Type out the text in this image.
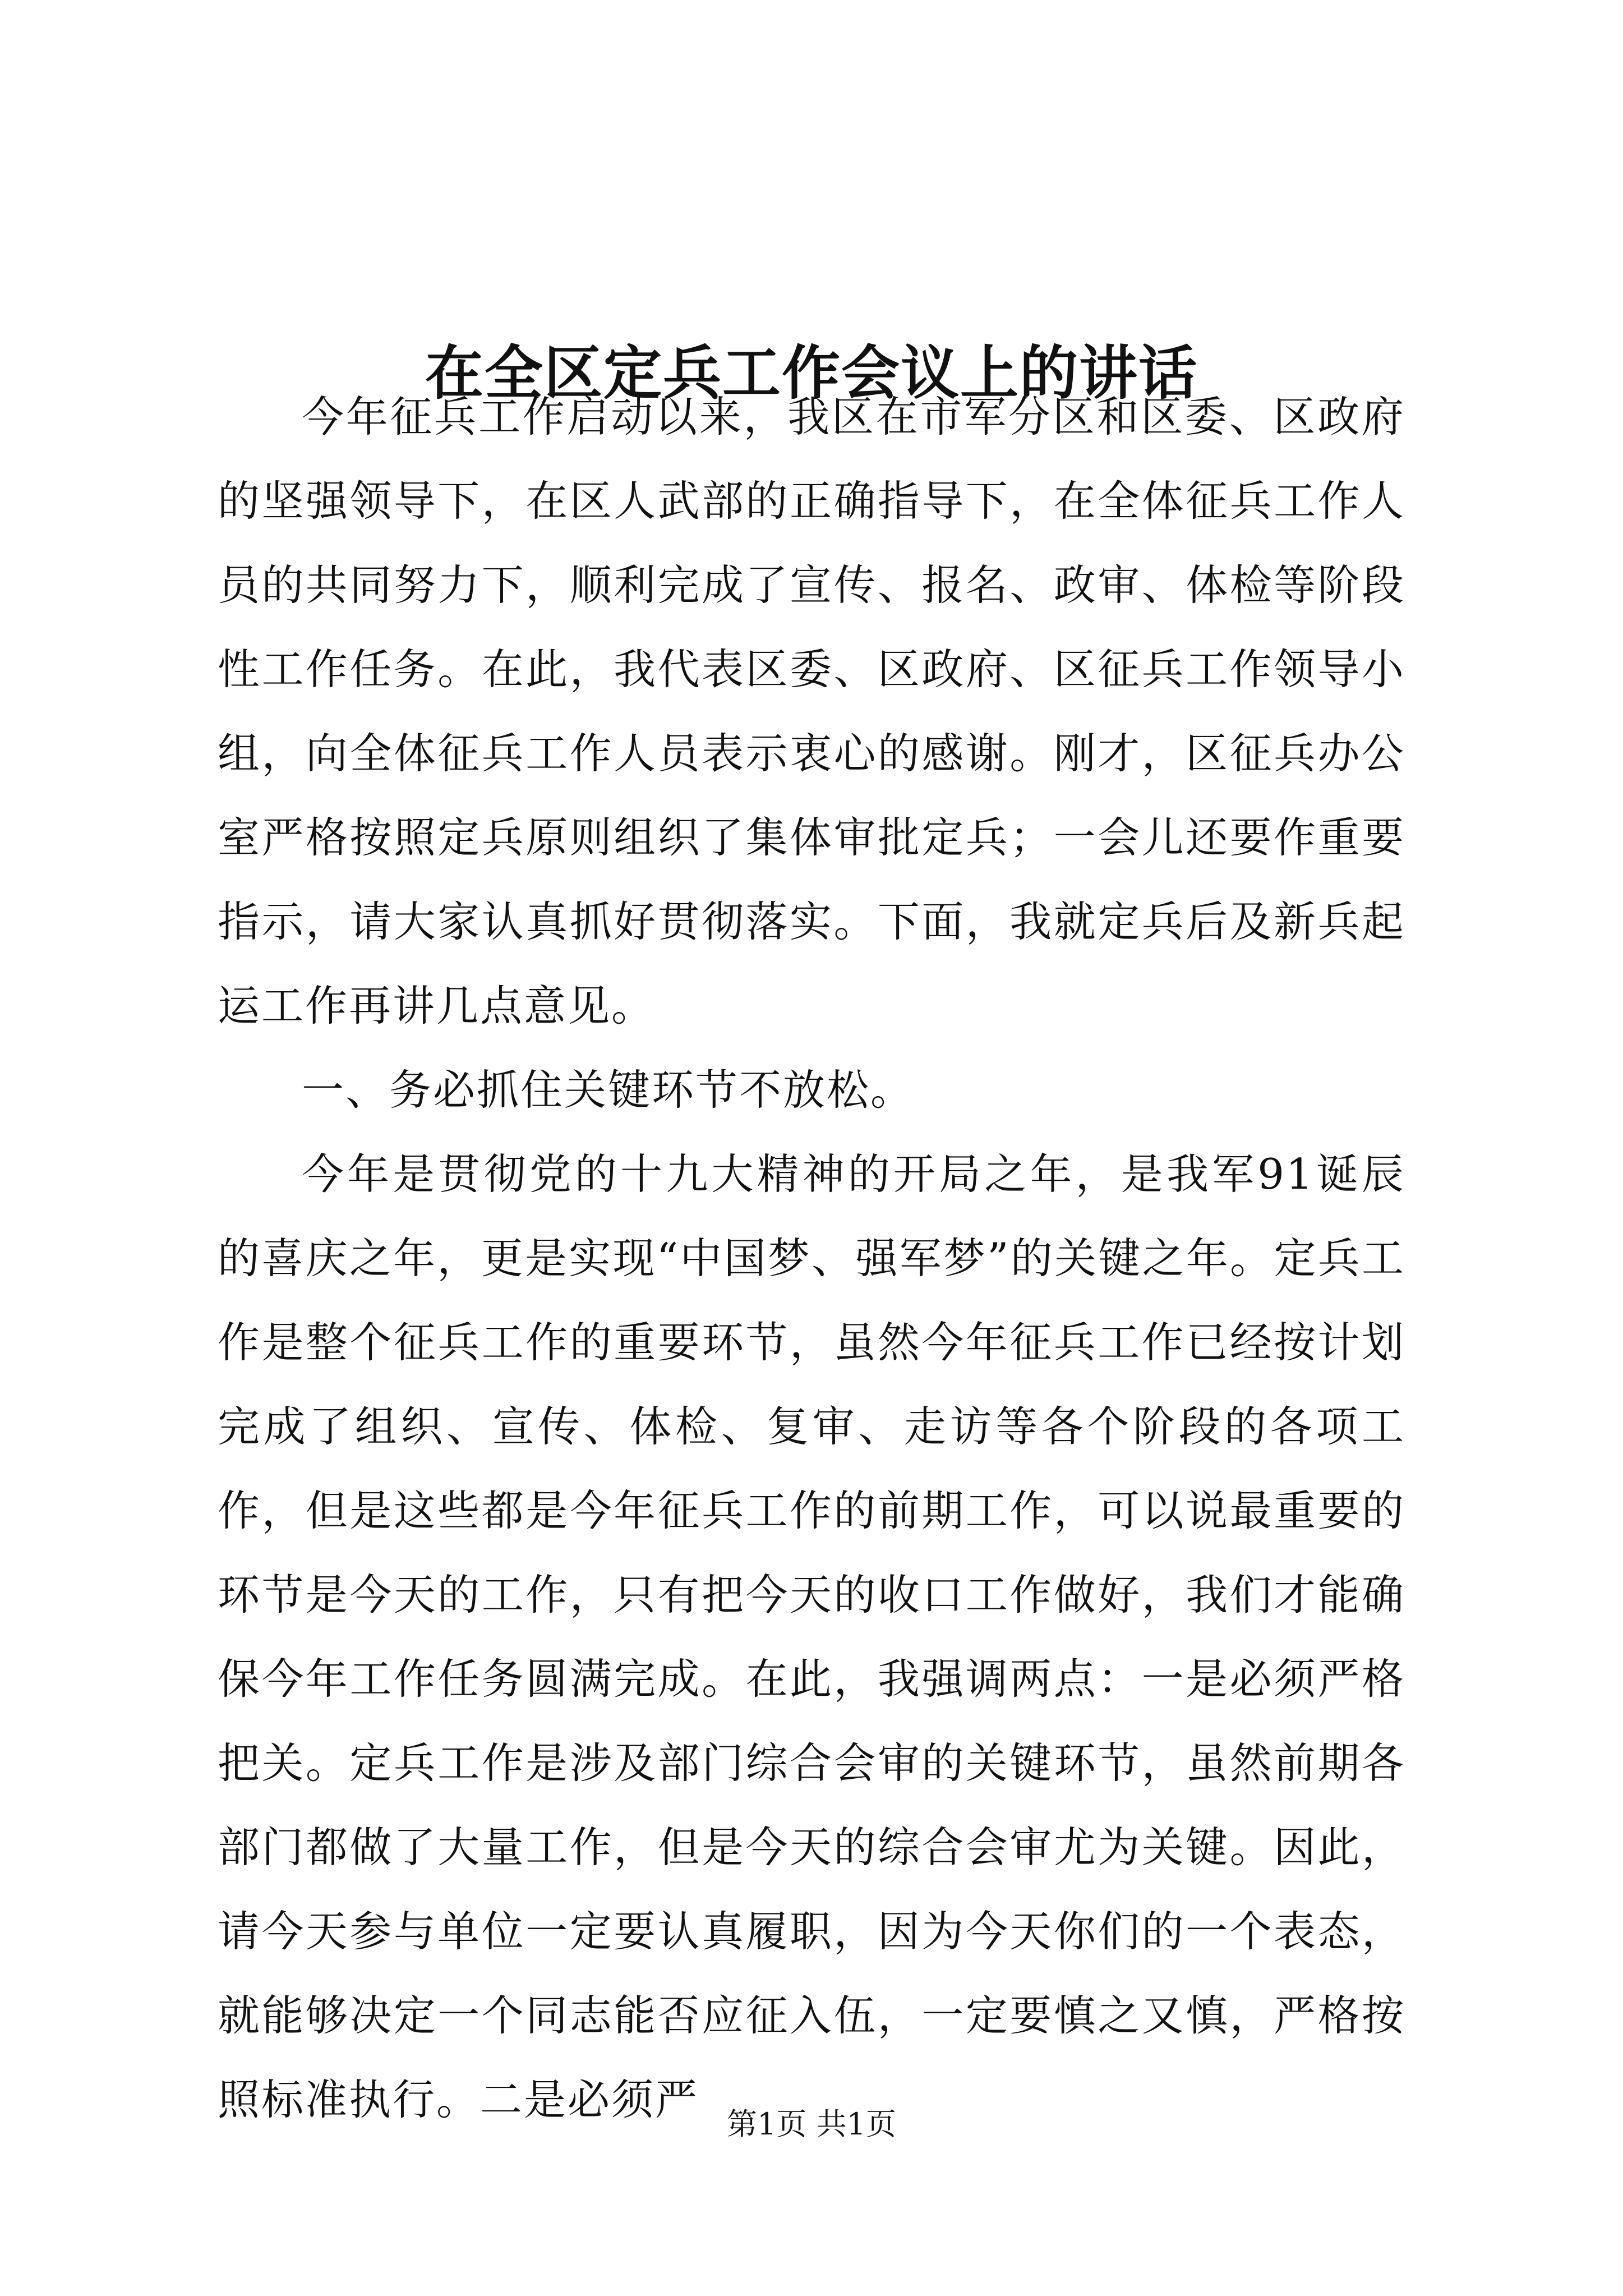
在全区定兵工作会议上的讲话

今年征兵工作启动以来，我区在市军分区和区委、区政府的坚强领导下，在区人武部的正确指导下，在全体征兵工作人员的共同努力下，顺利完成了宣传、报名、政审、体检等阶段性工作任务。在此，我代表区委、区政府、区征兵工作领导小组，向全体征兵工作人员表示衷心的感谢。刚才，区征兵办公室严格按照定兵原则组织了集体审批定兵；一会儿还要作重要指示，请大家认真抓好贯彻落实。下面，我就定兵后及新兵起运工作再讲几点意见。

一、务必抓住关键环节不放松。

今年是贯彻党的十九大精神的开局之年，是我军91诞辰的喜庆之年，更是实现“中国梦、强军梦”的关键之年。定兵工作是整个征兵工作的重要环节，虽然今年征兵工作已经按计划完成了组织、宣传、体检、复审、走访等各个阶段的各项工作，但是这些都是今年征兵工作的前期工作，可以说最重要的环节是今天的工作，只有把今天的收口工作做好，我们才能确保今年工作任务圆满完成。在此，我强调两点：一是必须严格把关。定兵工作是涉及部门综合会审的关键环节，虽然前期各部门都做了大量工作，但是今天的综合会审尤为关键。因此，请今天参与单位一定要认真履职，因为今天你们的一个表态，就能够决定一个同志能否应征入伍，一定要慎之又慎，严格按照标准执行。二是必须严 第1页 共1页
